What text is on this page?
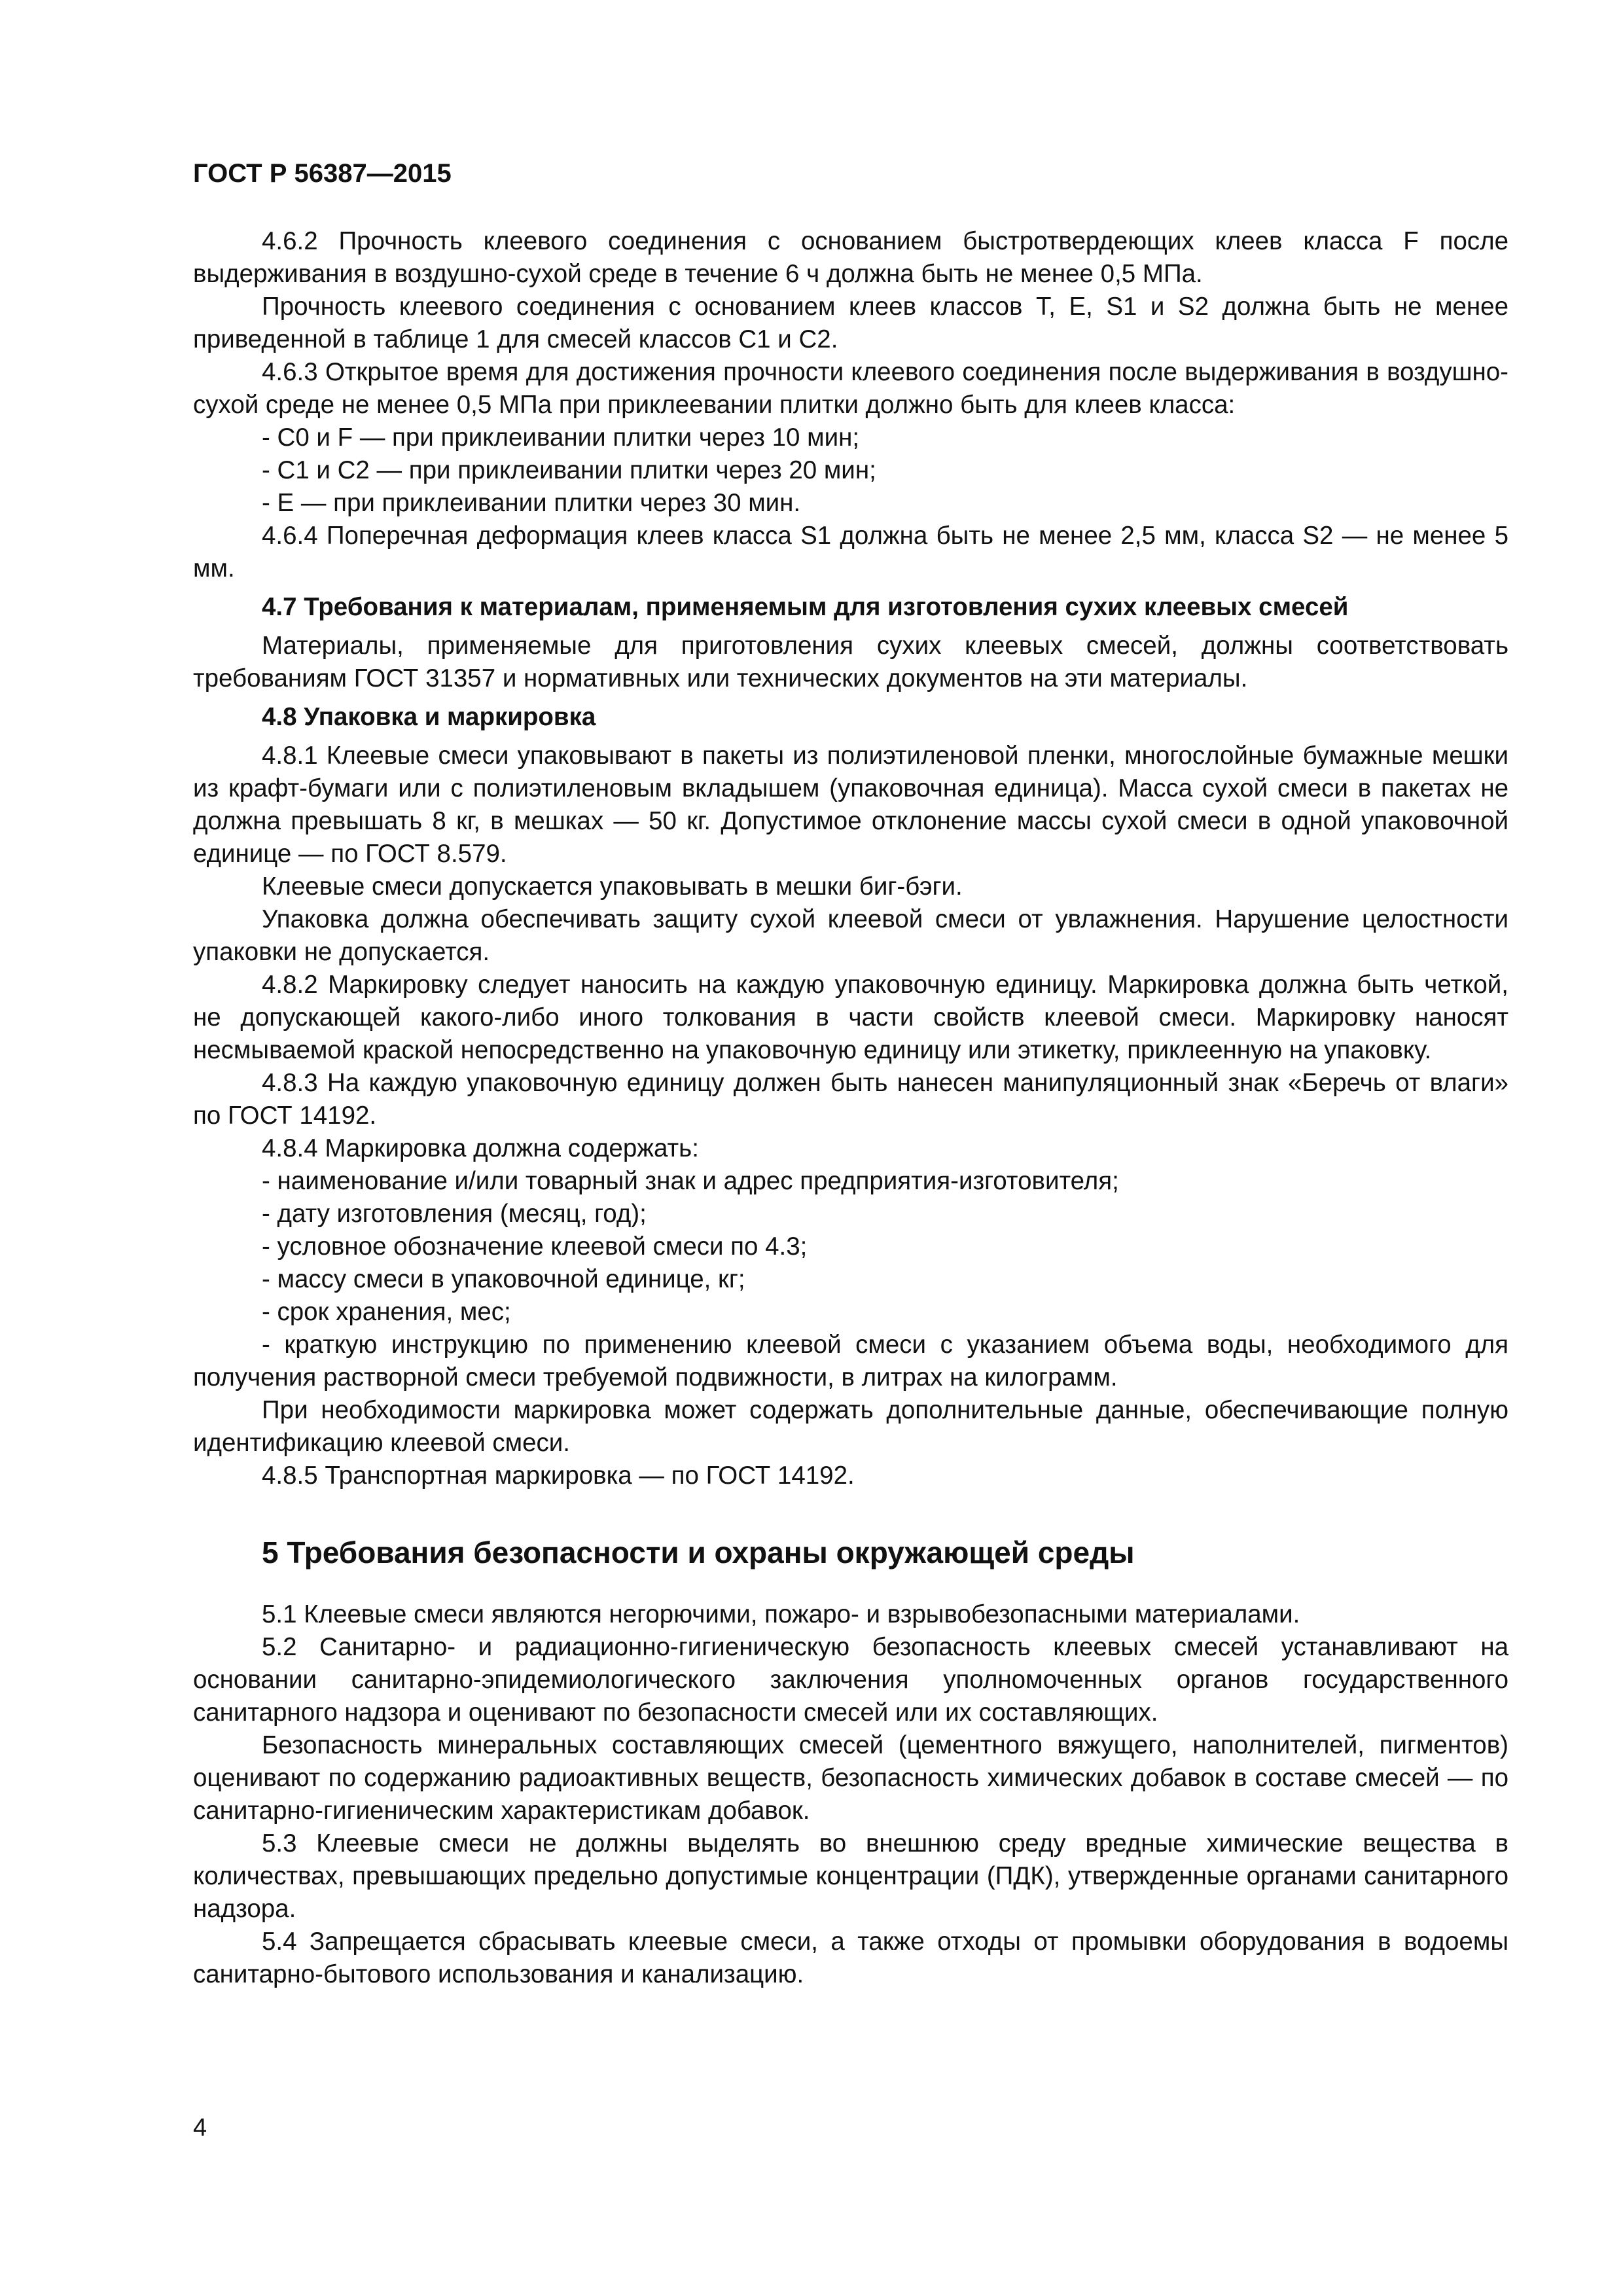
ГОСТ Р 56387—2015

4.6.2 Прочность клеевого соединения с основанием быстротвердеющих клеев класса F после выдерживания в воздушно-сухой среде в течение 6 ч должна быть не менее 0,5 МПа.

Прочность клеевого соединения с основанием клеев классов T, E, S1 и S2 должна быть не менее приведенной в таблице 1 для смесей классов C1 и C2.

4.6.3 Открытое время для достижения прочности клеевого соединения после выдерживания в воздушно-сухой среде не менее 0,5 МПа при приклеевании плитки должно быть для клеев класса:

- C0 и F — при приклеивании плитки через 10 мин;
- C1 и C2 — при приклеивании плитки через 20 мин;
- E — при приклеивании плитки через 30 мин.

4.6.4 Поперечная деформация клеев класса S1 должна быть не менее 2,5 мм, класса S2 — не менее 5 мм.

4.7 Требования к материалам, применяемым для изготовления сухих клеевых смесей

Материалы, применяемые для приготовления сухих клеевых смесей, должны соответствовать требованиям ГОСТ 31357 и нормативных или технических документов на эти материалы.

4.8 Упаковка и маркировка

4.8.1 Клеевые смеси упаковывают в пакеты из полиэтиленовой пленки, многослойные бумажные мешки из крафт-бумаги или с полиэтиленовым вкладышем (упаковочная единица). Масса сухой смеси в пакетах не должна превышать 8 кг, в мешках — 50 кг. Допустимое отклонение массы сухой смеси в одной упаковочной единице — по ГОСТ 8.579.

Клеевые смеси допускается упаковывать в мешки биг-бэги.

Упаковка должна обеспечивать защиту сухой клеевой смеси от увлажнения. Нарушение целостности упаковки не допускается.

4.8.2 Маркировку следует наносить на каждую упаковочную единицу. Маркировка должна быть четкой, не допускающей какого-либо иного толкования в части свойств клеевой смеси. Маркировку наносят несмываемой краской непосредственно на упаковочную единицу или этикетку, приклеенную на упаковку.

4.8.3 На каждую упаковочную единицу должен быть нанесен манипуляционный знак «Беречь от влаги» по ГОСТ 14192.

4.8.4 Маркировка должна содержать:

- наименование и/или товарный знак и адрес предприятия-изготовителя;
- дату изготовления (месяц, год);
- условное обозначение клеевой смеси по 4.3;
- массу смеси в упаковочной единице, кг;
- срок хранения, мес;

- краткую инструкцию по применению клеевой смеси с указанием объема воды, необходимого для получения растворной смеси требуемой подвижности, в литрах на килограмм.

При необходимости маркировка может содержать дополнительные данные, обеспечивающие полную идентификацию клеевой смеси.

4.8.5 Транспортная маркировка — по ГОСТ 14192.

5 Требования безопасности и охраны окружающей среды

5.1 Клеевые смеси являются негорючими, пожаро- и взрывобезопасными материалами.

5.2 Санитарно- и радиационно-гигиеническую безопасность клеевых смесей устанавливают на основании санитарно-эпидемиологического заключения уполномоченных органов государственного санитарного надзора и оценивают по безопасности смесей или их составляющих.

Безопасность минеральных составляющих смесей (цементного вяжущего, наполнителей, пигментов) оценивают по содержанию радиоактивных веществ, безопасность химических добавок в составе смесей — по санитарно-гигиеническим характеристикам добавок.

5.3 Клеевые смеси не должны выделять во внешнюю среду вредные химические вещества в количествах, превышающих предельно допустимые концентрации (ПДК), утвержденные органами санитарного надзора.

5.4 Запрещается сбрасывать клеевые смеси, а также отходы от промывки оборудования в водоемы санитарно-бытового использования и канализацию.

4
